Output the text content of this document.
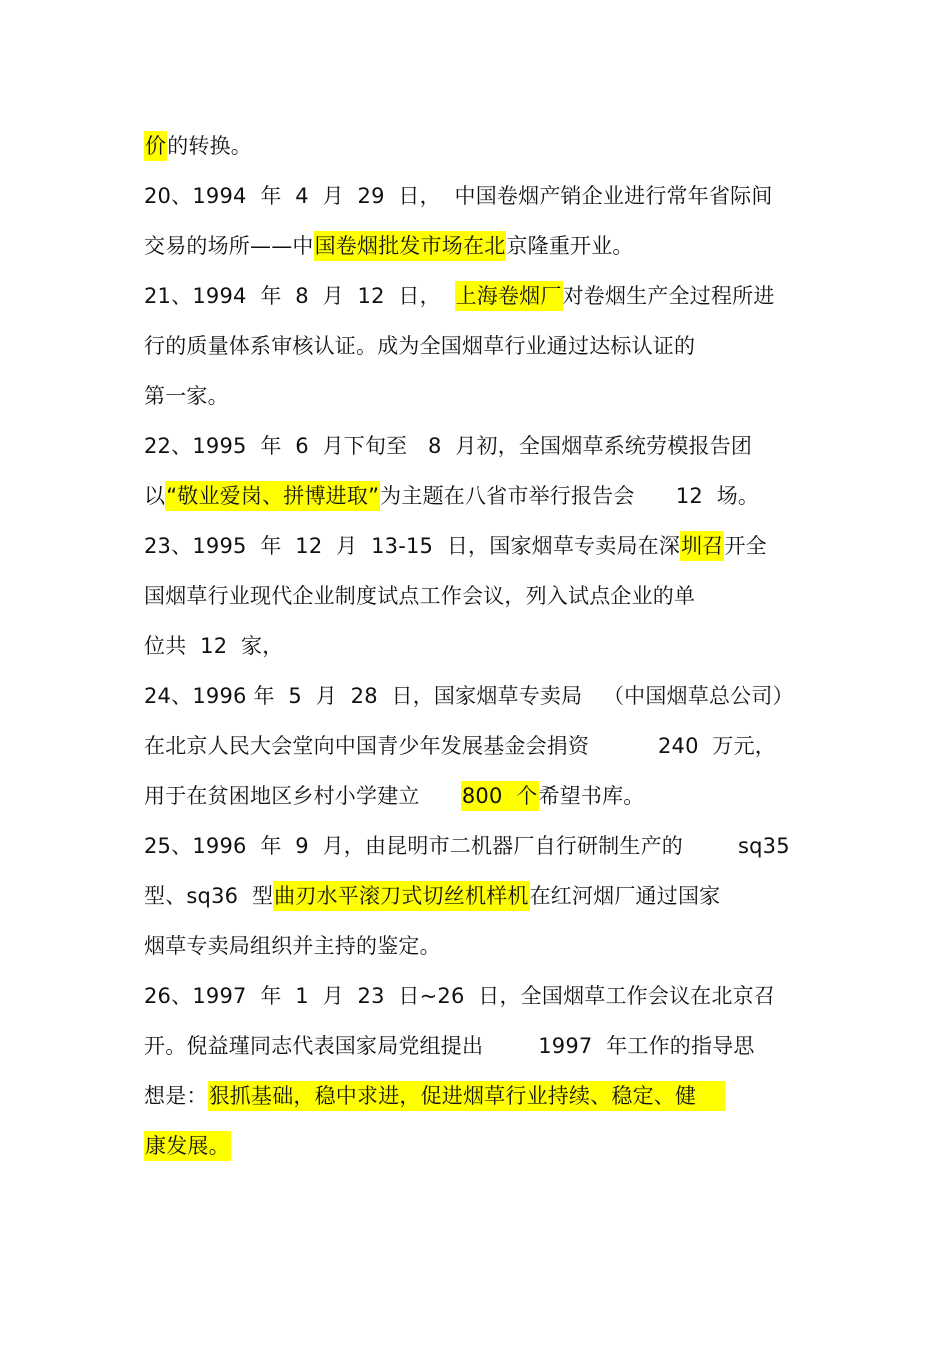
价的转换。
20、1994  年  4  月  29  日，  中国卷烟产销企业进行常年省际间
交易的场所——中国卷烟批发市场在北京隆重开业。
21、1994  年  8  月  12  日，  上海卷烟厂对卷烟生产全过程所进
行的质量体系审核认证。成为全国烟草行业通过达标认证的
第一家。
22、1995  年  6  月下旬至   8  月初，全国烟草系统劳模报告团
以“敬业爱岗、拼博进取”为主题在八省市举行报告会      12  场。
23、1995  年  12  月  13-15  日，国家烟草专卖局在深圳召开全
国烟草行业现代企业制度试点工作会议，列入试点企业的单
位共  12  家，
24、1996 年  5  月  28  日，国家烟草专卖局   （中国烟草总公司）
在北京人民大会堂向中国青少年发展基金会捐资          240  万元，
用于在贫困地区乡村小学建立      800  个希望书库。
25、1996  年  9  月，由昆明市二机器厂自行研制生产的        sq35
型、sq36  型曲刃水平滚刀式切丝机样机在红河烟厂通过国家
烟草专卖局组织并主持的鉴定。
26、1997  年  1  月  23  日~26  日，全国烟草工作会议在北京召
开。倪益瑾同志代表国家局党组提出        1997  年工作的指导思
想是：狠抓基础，稳中求进，促进烟草行业持续、稳定、健
康发展。
